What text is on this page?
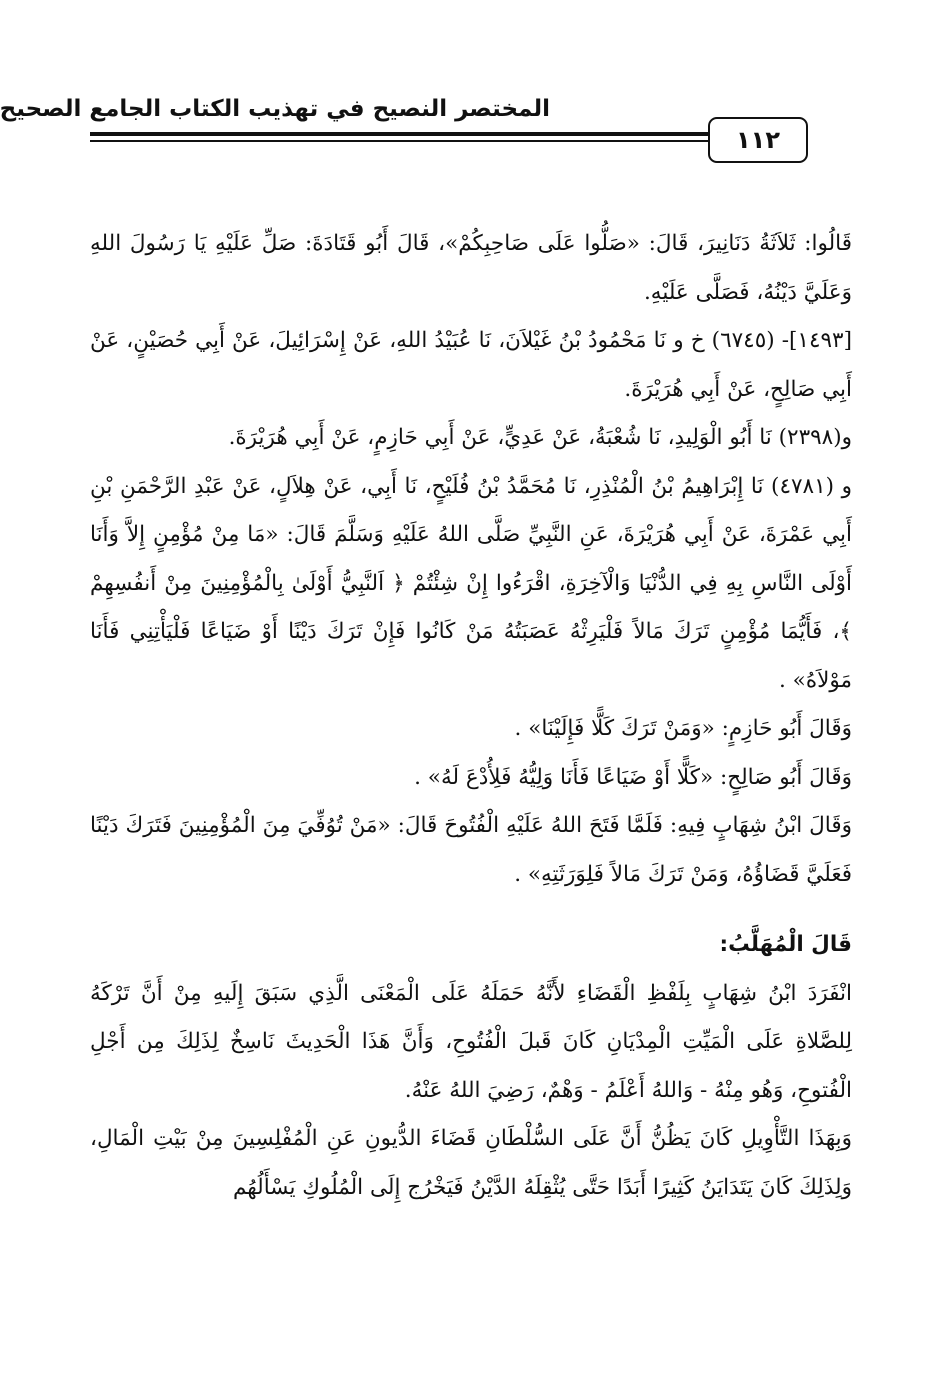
المختصر النصيح في تهذيب الكتاب الجامع الصحيح
١١٢

قَالُوا: ثَلاَثَةُ دَنَانِيرَ، قَالَ: «صَلُّوا عَلَى صَاحِبِكُمْ»، قَالَ أَبُو قَتَادَةَ: صَلِّ عَلَيْهِ يَا رَسُولَ اللهِ وَعَلَيَّ دَيْنُهُ، فَصَلَّى عَلَيْهِ.

[١٤٩٣]- (٦٧٤٥) خ و نَا مَحْمُودُ بْنُ غَيْلاَنَ، نَا عُبَيْدُ اللهِ، عَنْ إِسْرَائِيلَ، عَنْ أَبِي حُصَيْنٍ، عَنْ أَبِي صَالِحٍ، عَنْ أَبِي هُرَيْرَةَ.

و(٢٣٩٨) نَا أَبُو الْوَلِيدِ، نَا شُعْبَةُ، عَنْ عَدِيٍّ، عَنْ أَبِي حَازِمٍ، عَنْ أَبِي هُرَيْرَةَ.

و (٤٧٨١) نَا إِبْرَاهِيمُ بْنُ الْمُنْذِرِ، نَا مُحَمَّدُ بْنُ فُلَيْحٍ، نَا أَبِي، عَنْ هِلاَلٍ، عَنْ عَبْدِ الرَّحْمَنِ بْنِ أَبِي عَمْرَةَ، عَنْ أَبِي هُرَيْرَةَ، عَنِ النَّبِيِّ صَلَّى اللهُ عَلَيْهِ وَسَلَّمَ قَالَ: «مَا مِنْ مُؤْمِنٍ إِلاَّ وَأَنَا أَوْلَى النَّاسِ بِهِ فِي الدُّنْيَا وَالْآخِرَةِ، اقْرَءُوا إِنْ شِئْتُمْ ﴿ اَلنَّبِيُّ أَوْلَىٰ بِالْمُؤْمِنِينَ مِنْ أَنفُسِهِمْ ﴾، فَأَيُّمَا مُؤْمِنٍ تَرَكَ مَالاً فَلْيَرِثْهُ عَصَبَتُهُ مَنْ كَانُوا فَإِنْ تَرَكَ دَيْنًا أَوْ ضَيَاعًا فَلْيَأْتِنِي فَأَنَا مَوْلاَهُ» .

وَقَالَ أَبُو حَازِمٍ: «وَمَنْ تَرَكَ كَلًّا فَإِلَيْنَا» .

وَقَالَ أَبُو صَالِحٍ: «كَلًّا أَوْ ضَيَاعًا فَأَنَا وَلِيُّهُ فَلِأُدْعَ لَهُ» .

وَقَالَ ابْنُ شِهَابٍ فِيهِ: فَلَمَّا فَتَحَ اللهُ عَلَيْهِ الْفُتُوحَ قَالَ: «مَنْ تُوُفِّيَ مِنَ الْمُؤْمِنِينَ فَتَرَكَ دَيْنًا فَعَلَيَّ قَضَاؤُهُ، وَمَنْ تَرَكَ مَالاً فَلِوَرَثَتِهِ» .

قَالَ الْمُهَلَّبُ:

انْفَرَدَ ابْنُ شِهَابٍ بِلَفْظِ الْقَضَاءِ لأَنَّهُ حَمَلَهُ عَلَى الْمَعْنَى الَّذِي سَبَقَ إِلَيهِ مِنْ أَنَّ تَرْكَهُ لِلصَّلاةِ عَلَى الْمَيِّتِ الْمِدْيَانِ كَانَ قَبلَ الْفُتُوحِ، وَأَنَّ هَذَا الْحَدِيثَ نَاسِخٌ لِذَلِكَ مِن أَجْلِ الْفُتوحِ، وَهُو مِنْهُ - وَاللهُ أَعْلَمُ - وَهْمٌ، رَضِيَ اللهُ عَنْهُ.

وَبِهَذَا التَّأْوِيلِ كَانَ يَظُنُّ أَنَّ عَلَى السُّلْطَانِ قَضَاءَ الدُّيونِ عَنِ الْمُفْلِسِينَ مِنْ بَيْتِ الْمَالِ، وَلِذَلِكَ كَانَ يَتَدَايَنُ كَثِيرًا أَبَدًا حَتَّى يُثْقِلَهُ الدَّيْنُ فَيَخْرُج إِلَى الْمُلُوكِ يَسْأَلُهُم
